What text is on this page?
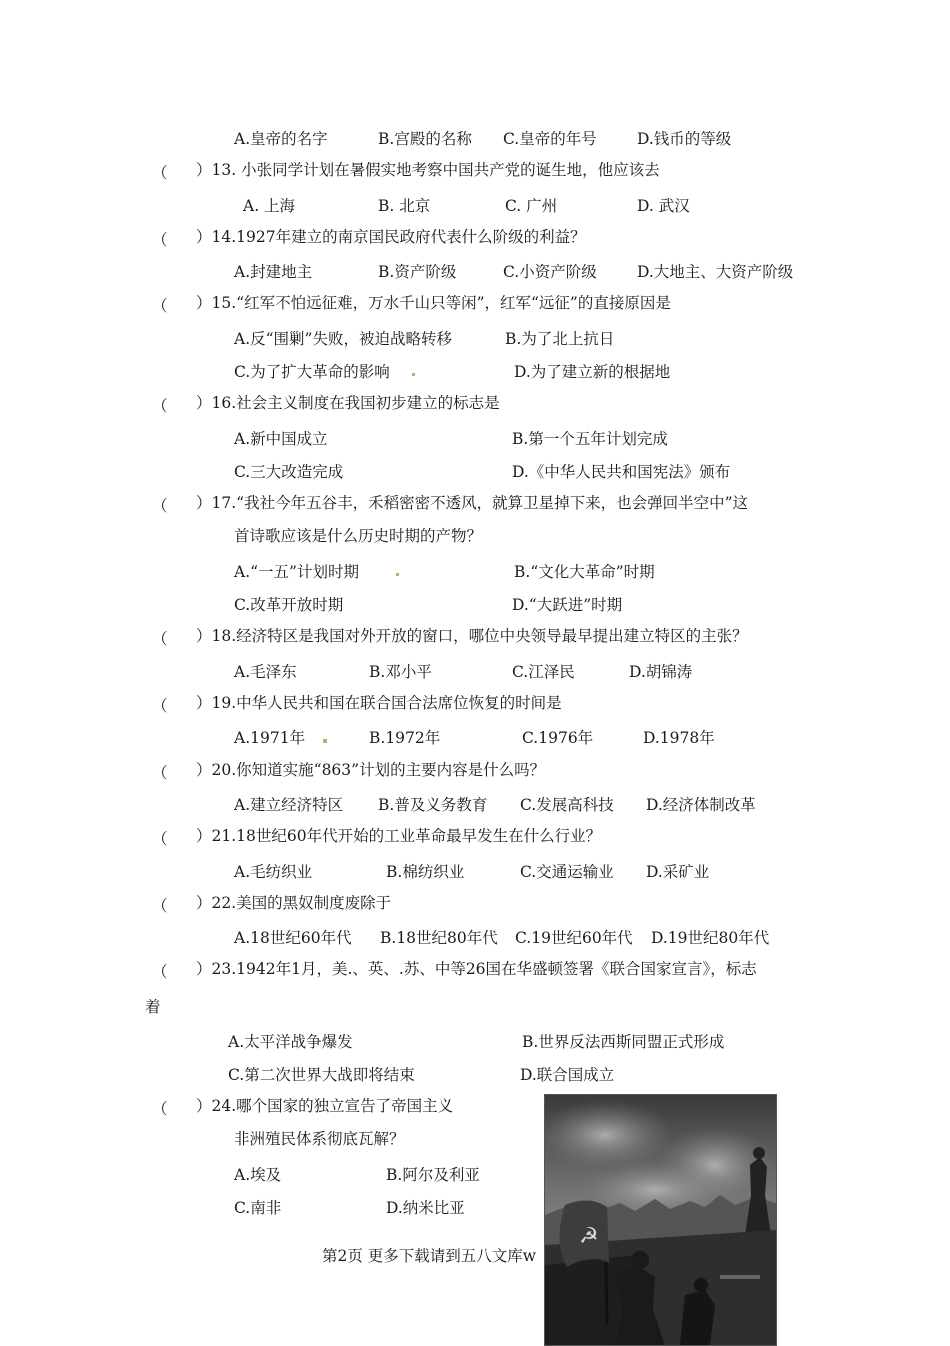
A.皇帝的名字	B.宫殿的名称 C.皇帝的年号	D.钱币的等级
（ ）13. 小张同学计划在暑假实地考察中国共产党的诞生地，他应该去
A. 上海	B. 北京	C. 广州	D. 武汉
（ ）14.1927年建立的南京国民政府代表什么阶级的利益？
A.封建地主	B.资产阶级	C.小资产阶级	D.大地主、大资产阶级
（ ）15.“红军不怕远征难，万水千山只等闲”，红军“远征”的直接原因是
A.反“围剿”失败，被迫战略转移	B.为了北上抗日
C.为了扩大革命的影响	D.为了建立新的根据地
（ ）16.社会主义制度在我国初步建立的标志是
A.新中国成立	B.第一个五年计划完成
C.三大改造完成	D.《中华人民共和国宪法》颁布
（ ）17.“我社今年五谷丰，禾稻密密不透风，就算卫星掉下来，也会弹回半空中”这
首诗歌应该是什么历史时期的产物？
A.“一五”计划时期	B.“文化大革命”时期
C.改革开放时期	D.“大跃进”时期
（ ）18.经济特区是我国对外开放的窗口，哪位中央领导最早提出建立特区的主张？
A.毛泽东	B.邓小平	C.江泽民	D.胡锦涛
（ ）19.中华人民共和国在联合国合法席位恢复的时间是
A.1971年	B.1972年	C.1976年	D.1978年
（ ）20.你知道实施“863”计划的主要内容是什么吗？
A.建立经济特区 B.普及义务教育 C.发展高科技 D.经济体制改革
（ ）21.18世纪60年代开始的工业革命最早发生在什么行业？
A.毛纺织业	B.棉纺织业	C.交通运输业 D.采矿业
（ ）22.美国的黑奴制度废除于
A.18世纪60年代 B.18世纪80年代 C.19世纪60年代 D.19世纪80年代
（ ）23.1942年1月，美.、英、.苏、中等26国在华盛顿签署《联合国家宣言》，标志
着
A.太平洋战争爆发	B.世界反法西斯同盟正式形成
C.第二次世界大战即将结束	D.联合国成立
（ ）24.哪个国家的独立宣告了帝国主义
非洲殖民体系彻底瓦解？
A.埃及	B.阿尔及利亚
C.南非	D.纳米比亚
第2页 更多下载请到五八文库w
☭
